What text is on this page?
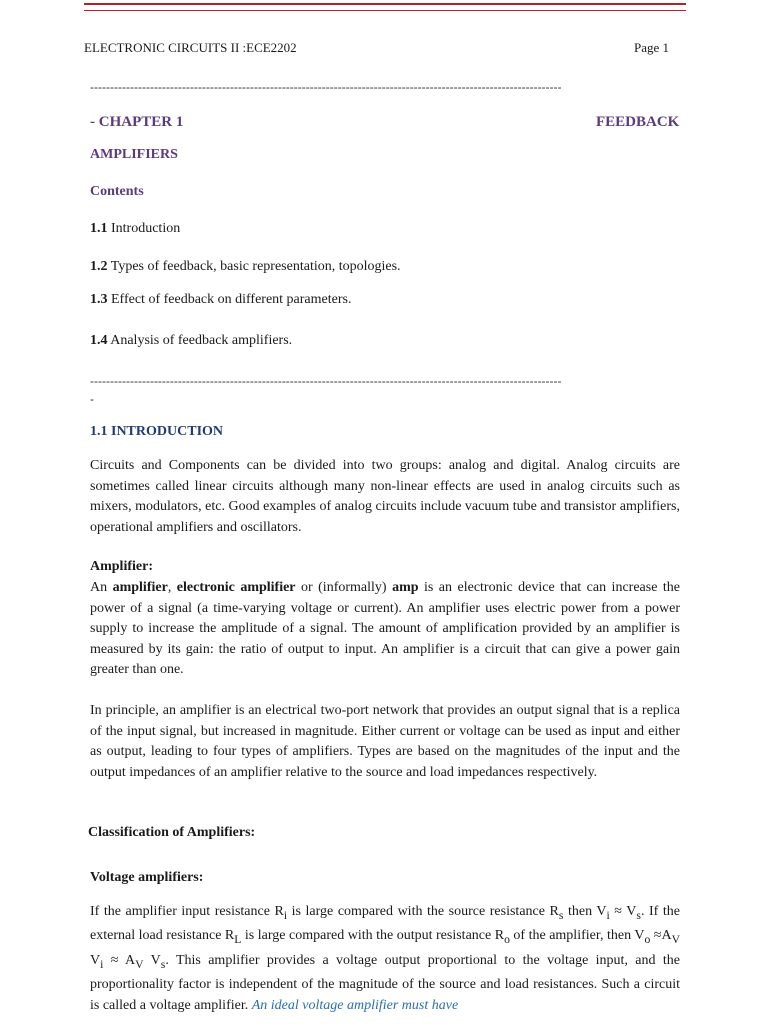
ELECTRONIC CIRCUITS II :ECE2202	Page 1
----------------------------------------------------------------------------------------------------------------------
- CHAPTER 1	FEEDBACK
AMPLIFIERS
Contents
1.1 Introduction
1.2 Types of feedback, basic representation, topologies.
1.3 Effect of feedback on different parameters.
1.4 Analysis of feedback amplifiers.
----------------------------------------------------------------------------------------------------------------------
-
1.1 INTRODUCTION
Circuits and Components can be divided into two groups: analog and digital. Analog circuits are sometimes called linear circuits although many non-linear effects are used in analog circuits such as mixers, modulators, etc. Good examples of analog circuits include vacuum tube and transistor amplifiers, operational amplifiers and oscillators.
Amplifier:
An amplifier, electronic amplifier or (informally) amp is an electronic device that can increase the power of a signal (a time-varying voltage or current). An amplifier uses electric power from a power supply to increase the amplitude of a signal. The amount of amplification provided by an amplifier is measured by its gain: the ratio of output to input. An amplifier is a circuit that can give a power gain greater than one.
In principle, an amplifier is an electrical two-port network that provides an output signal that is a replica of the input signal, but increased in magnitude. Either current or voltage can be used as input and either as output, leading to four types of amplifiers. Types are based on the magnitudes of the input and the output impedances of an amplifier relative to the source and load impedances respectively.
Classification of Amplifiers:
Voltage amplifiers:
If the amplifier input resistance $R_i$ is large compared with the source resistance $R_s$ then $V_i \approx V_s$. If the external load resistance $R_L$ is large compared with the output resistance $R_o$ of the amplifier, then $V_o \approx A_V$ $V_i \approx A_V$ $V_s$. This amplifier provides a voltage output proportional to the voltage input, and the proportionality factor is independent of the magnitude of the source and load resistances. Such a circuit is called a voltage amplifier. An ideal voltage amplifier must have
